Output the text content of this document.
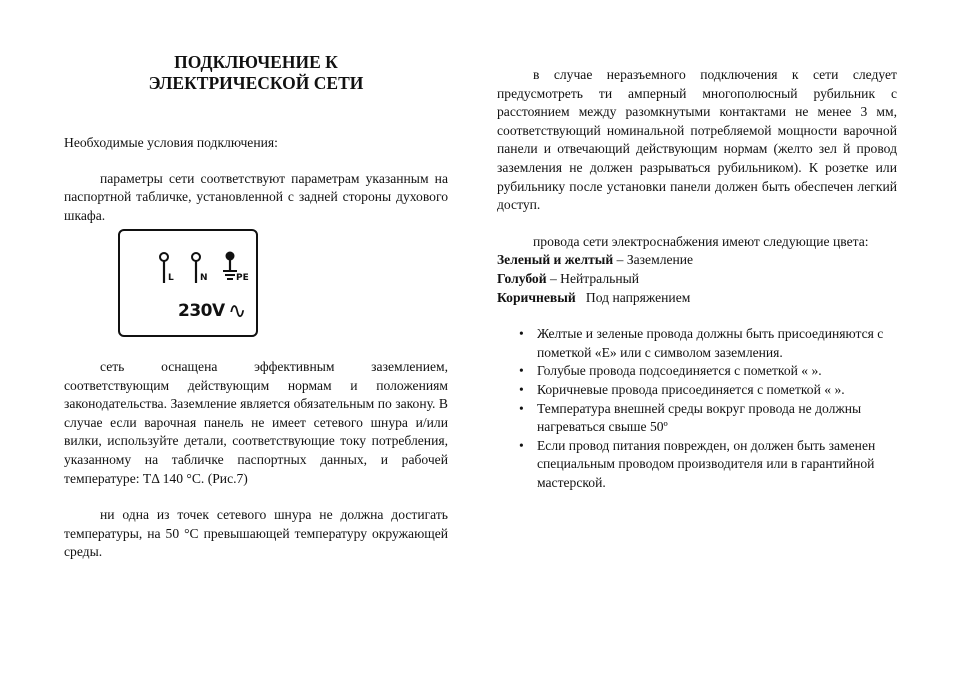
ПОДКЛЮЧЕНИЕ К
ЭЛЕКТРИЧЕСКОЙ СЕТИ

Необходимые условия подключения:

параметры сети соответствуют параметрам указанным на паспортной табличке, установленной с задней стороны духового шкафа.

L	N	PE
230V ∿

сеть оснащена эффективным заземлением, соответствующим действующим нормам и положениям законодательства. Заземление является обязательным по закону. В случае если варочная панель не имеет сетевого шнура и/или вилки, используйте детали, соответствующие току потребления, указанному на табличке паспортных данных, и рабочей температуре: TΔ 140 °C. (Рис.7)

ни одна из точек сетевого шнура не должна достигать температуры, на 50 °C превышающей температуру окружающей среды.

в случае неразъемного подключения к сети следует предусмотреть ти амперный многополюсный рубильник с расстоянием между разомкнутыми контактами не менее 3 мм, соответствующий номинальной потребляемой мощности варочной панели и отвечающий действующим нормам (желто зел й провод заземления не должен разрываться рубильником). К розетке или рубильнику после установки панели должен быть обеспечен легкий доступ.

провода сети электроснабжения имеют следующие цвета:

Зеленый и желтый – Заземление
Голубой – Нейтральный
Коричневый Под напряжением
• Желтые и зеленые провода должны быть присоединяются с пометкой «E» или с символом заземления.
• Голубые провода подсоединяется с пометкой « ».
• Коричневые провода присоединяется с пометкой « ».
• Температура внешней среды вокруг провода не должны нагреваться свыше 50º
• Если провод питания поврежден, он должен быть заменен специальным проводом производителя или в гарантийной мастерской.
